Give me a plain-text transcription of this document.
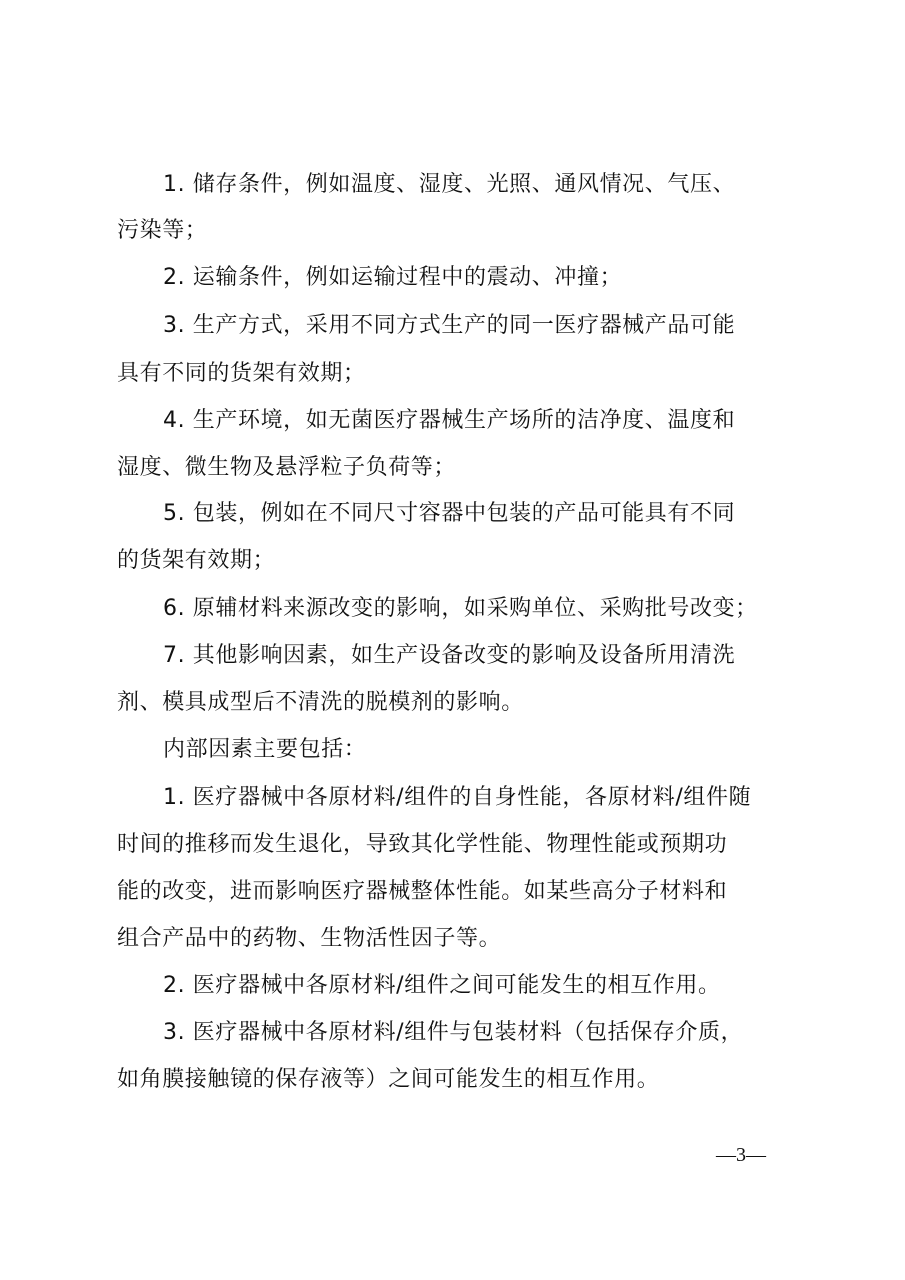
1. 储存条件，例如温度、湿度、光照、通风情况、气压、
污染等；
2. 运输条件，例如运输过程中的震动、冲撞；
3. 生产方式，采用不同方式生产的同一医疗器械产品可能
具有不同的货架有效期；
4. 生产环境，如无菌医疗器械生产场所的洁净度、温度和
湿度、微生物及悬浮粒子负荷等；
5. 包装，例如在不同尺寸容器中包装的产品可能具有不同
的货架有效期；
6. 原辅材料来源改变的影响，如采购单位、采购批号改变；
7. 其他影响因素，如生产设备改变的影响及设备所用清洗
剂、模具成型后不清洗的脱模剂的影响。
内部因素主要包括：
1. 医疗器械中各原材料/组件的自身性能，各原材料/组件随
时间的推移而发生退化，导致其化学性能、物理性能或预期功
能的改变，进而影响医疗器械整体性能。如某些高分子材料和
组合产品中的药物、生物活性因子等。
2. 医疗器械中各原材料/组件之间可能发生的相互作用。
3. 医疗器械中各原材料/组件与包装材料（包括保存介质，
如角膜接触镜的保存液等）之间可能发生的相互作用。
—3—
